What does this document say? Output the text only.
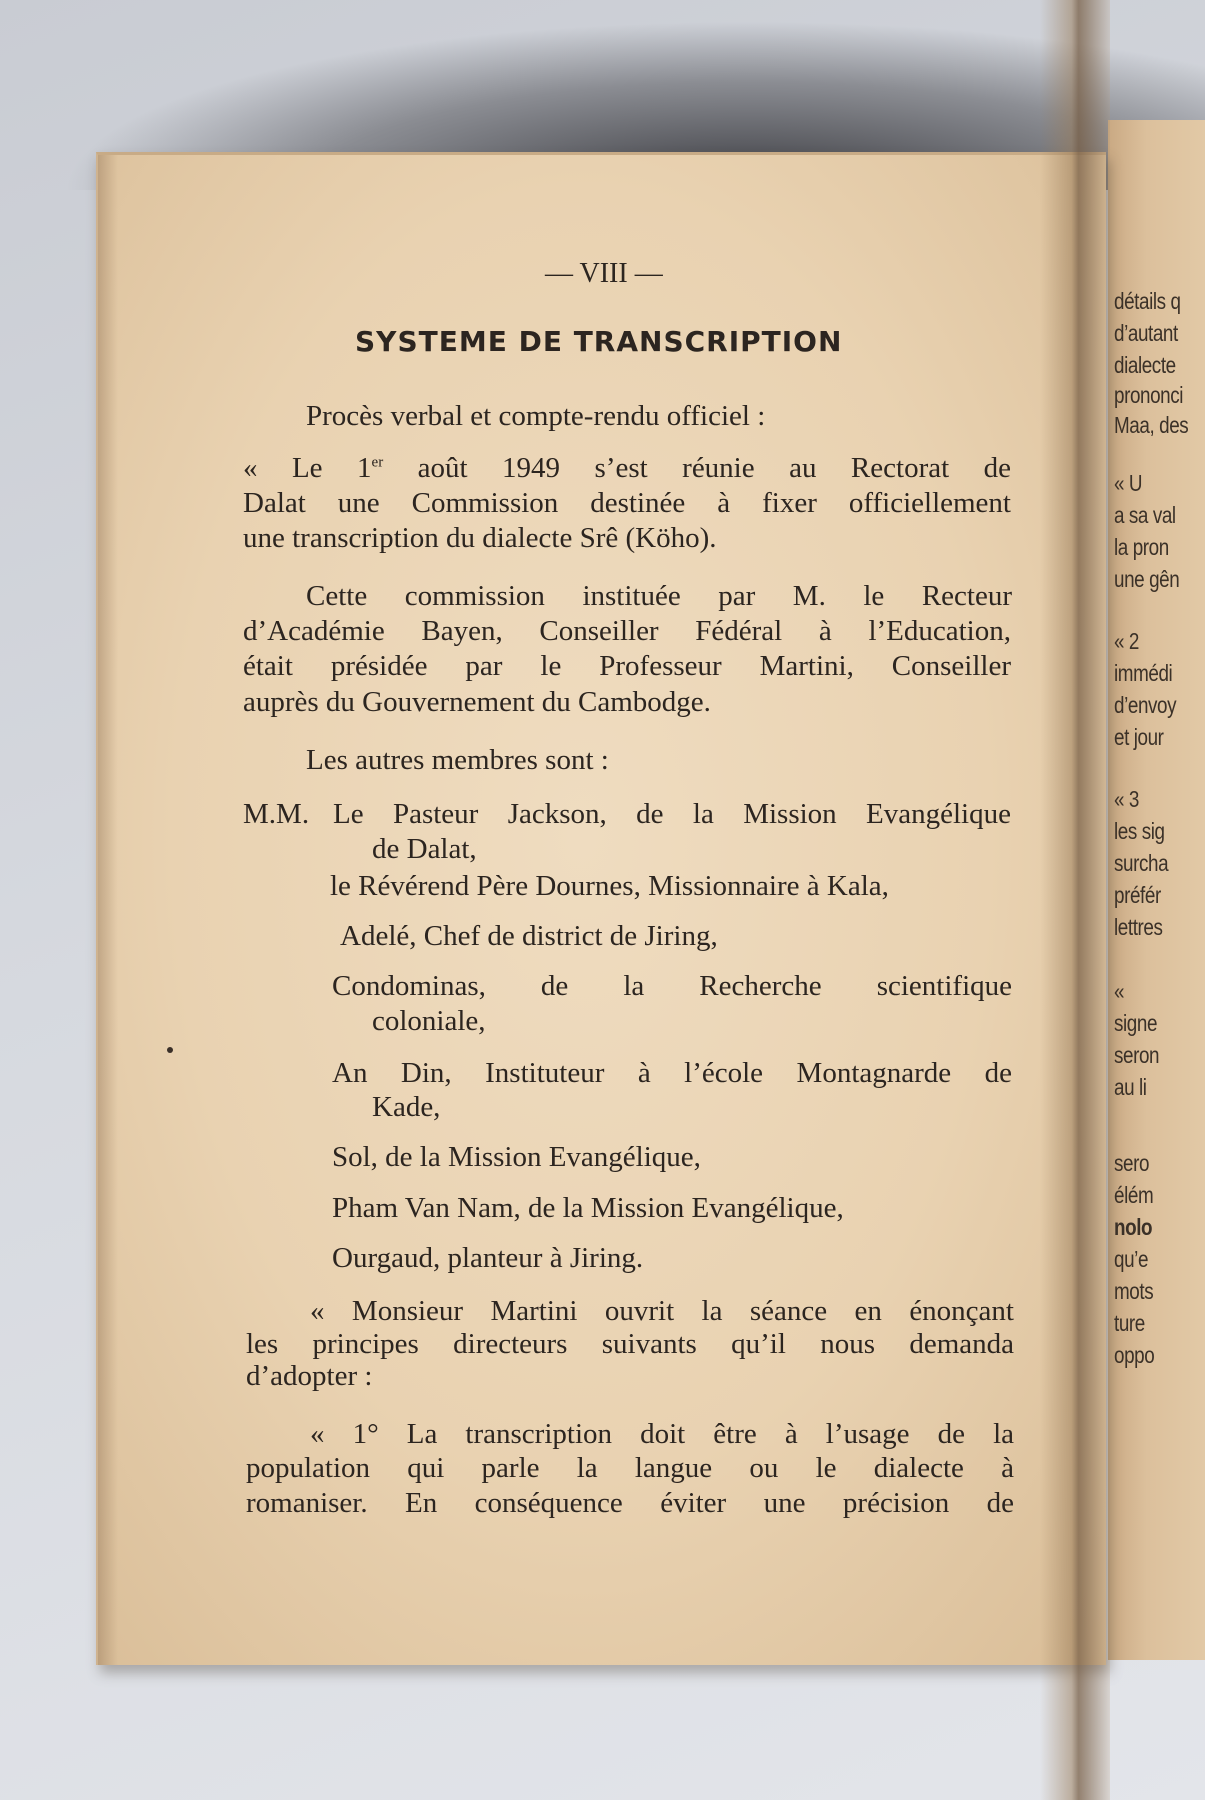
détails q
d’autant
dialecte
prononci
Maa, des
« U
a sa val
la pron
une gên
« 2
immédi
d’envoy
et jour
« 3
les sig
surcha
préfér
lettres
«
signe
seron
au li
sero
élém
nolo
qu’e
mots
ture
oppo
— VIII —
SYSTEME DE TRANSCRIPTION
Procès verbal et compte-rendu officiel :
« Le 1er août 1949 s’est réunie au Rectorat de
Dalat une Commission destinée à fixer officiellement
une transcription du dialecte Srê (Köho).
Cette commission instituée par M. le Recteur
d’Académie Bayen, Conseiller Fédéral à l’Education,
était présidée par le Professeur Martini, Conseiller
auprès du Gouvernement du Cambodge.
Les autres membres sont :
M.M. Le Pasteur Jackson, de la Mission Evangélique
de Dalat,
le Révérend Père Dournes, Missionnaire à Kala,
Adelé, Chef de district de Jiring,
Condominas, de la Recherche scientifique
coloniale,
An Din, Instituteur à l’école Montagnarde de
Kade,
Sol, de la Mission Evangélique,
Pham Van Nam, de la Mission Evangélique,
Ourgaud, planteur à Jiring.
« Monsieur Martini ouvrit la séance en énonçant
les principes directeurs suivants qu’il nous demanda
d’adopter :
« 1° La transcription doit être à l’usage de la
population qui parle la langue ou le dialecte à
romaniser. En conséquence éviter une précision de
